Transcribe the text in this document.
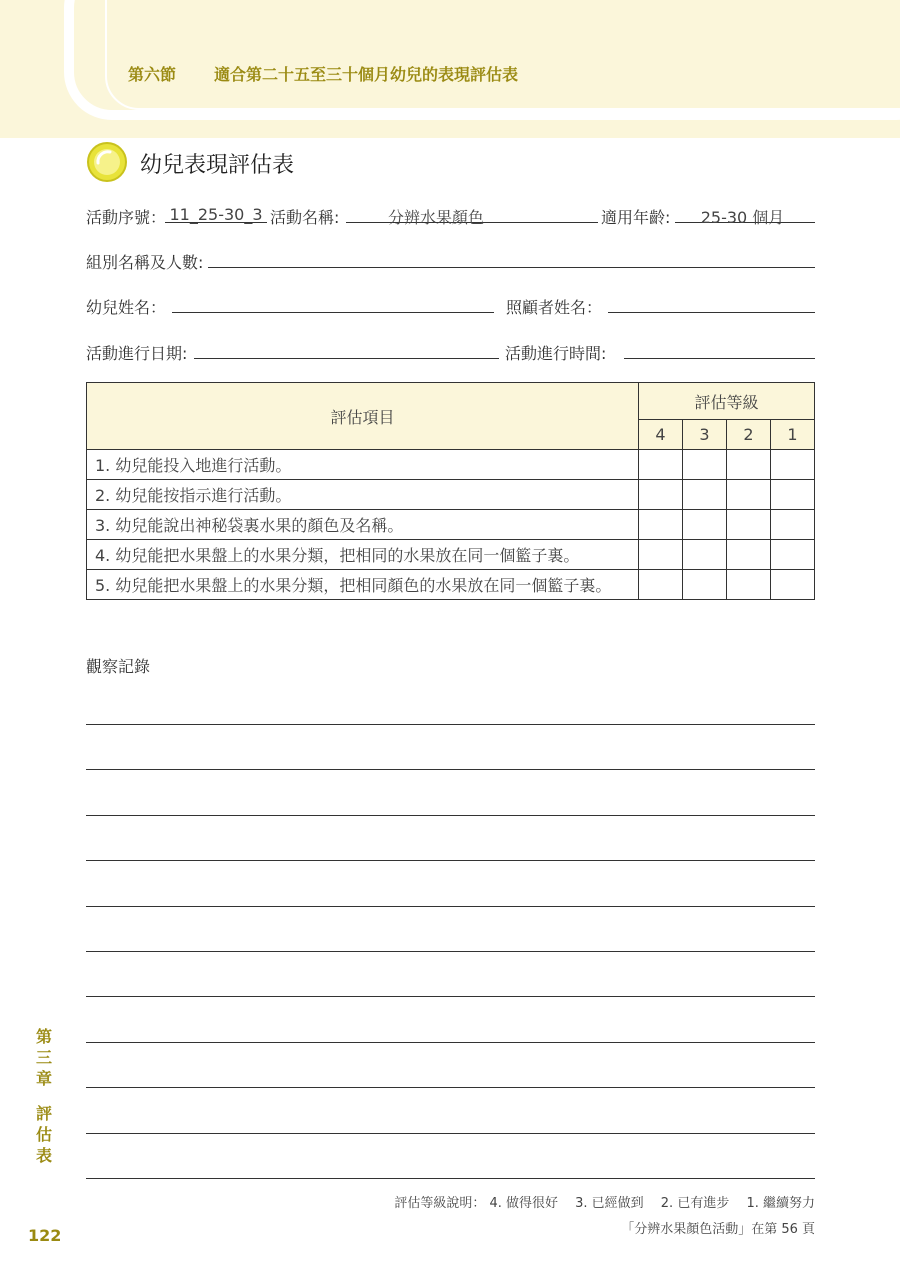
第六節 適合第二十五至三十個月幼兒的表現評估表
幼兒表現評估表
活動序號： 11_25-30_3 活動名稱:	分辨水果顏色	適用年齡:	25-30 個月
組別名稱及人數:
幼兒姓名：	照顧者姓名：
活動進行日期:	活動進行時間:
評估項目	評估等級			
	4	3	2	1
1. 幼兒能投入地進行活動。				
2. 幼兒能按指示進行活動。				
3. 幼兒能說出神秘袋裏水果的顏色及名稱。				
4. 幼兒能把水果盤上的水果分類，把相同的水果放在同一個籃子裏。				
5. 幼兒能把水果盤上的水果分類，把相同顏色的水果放在同一個籃子裏。				
觀察記錄
第
三
章
評
估
表
122
評估等級說明： 4. 做得很好　 3. 已經做到　 2. 已有進步　 1. 繼續努力
「分辨水果顏色活動」在第 56 頁
